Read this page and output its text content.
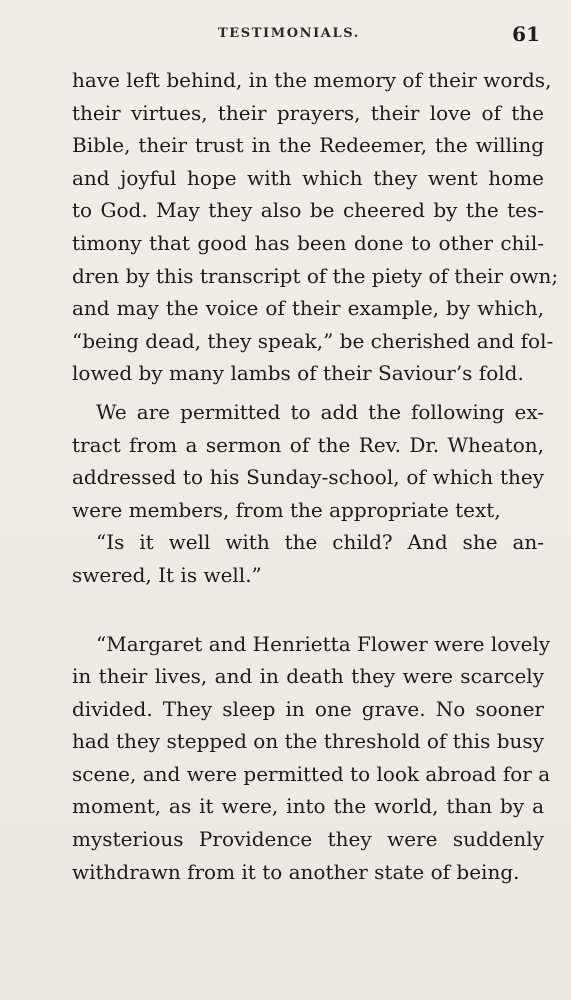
TESTIMONIALS.	61
have left behind, in the memory of their words,
their virtues, their prayers, their love of the
Bible, their trust in the Redeemer, the willing
and joyful hope with which they went home
to God. May they also be cheered by the tes-
timony that good has been done to other chil-
dren by this transcript of the piety of their own;
and may the voice of their example, by which,
“being dead, they speak,” be cherished and fol-
lowed by many lambs of their Saviour’s fold.
We are permitted to add the following ex-
tract from a sermon of the Rev. Dr. Wheaton,
addressed to his Sunday-school, of which they
were members, from the appropriate text,
“Is it well with the child? And she an-
swered, It is well.”
“Margaret and Henrietta Flower were lovely
in their lives, and in death they were scarcely
divided. They sleep in one grave. No sooner
had they stepped on the threshold of this busy
scene, and were permitted to look abroad for a
moment, as it were, into the world, than by a
mysterious Providence they were suddenly
withdrawn from it to another state of being.
